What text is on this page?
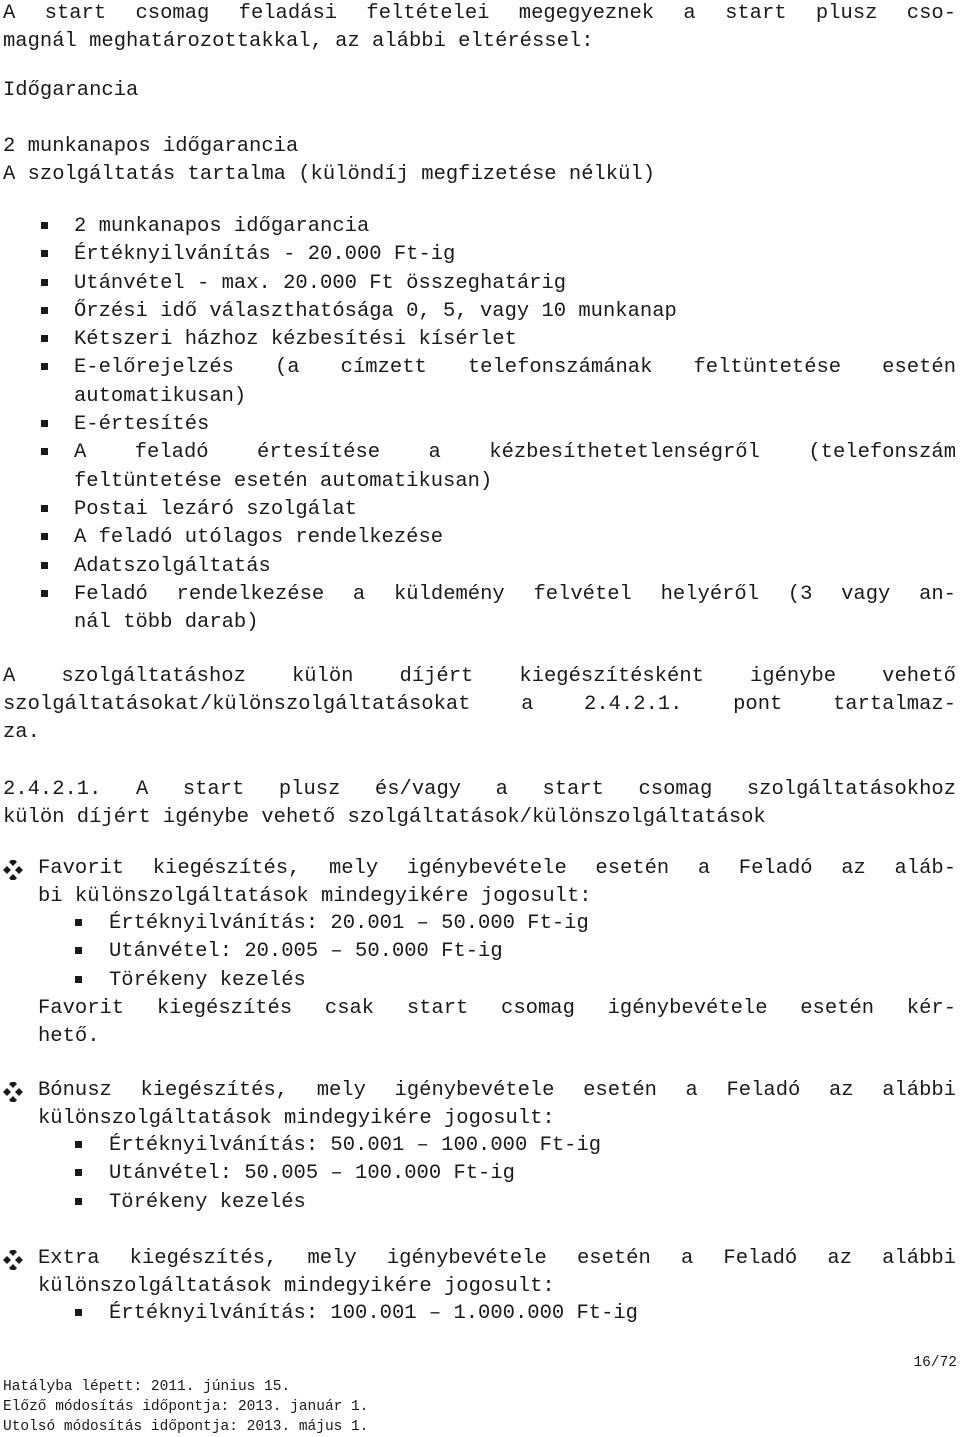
A start csomag feladási feltételei megegyeznek a start plusz cso-
magnál meghatározottakkal, az alábbi eltéréssel:
Időgarancia
2 munkanapos időgarancia
A szolgáltatás tartalma (különdíj megfizetése nélkül)
2 munkanapos időgarancia
Értéknyilvánítás - 20.000 Ft-ig
Utánvétel - max. 20.000 Ft összeghatárig
Őrzési idő választhatósága 0, 5, vagy 10 munkanap
Kétszeri házhoz kézbesítési kísérlet
E-előrejelzés (a címzett telefonszámának feltüntetése esetén
automatikusan)
E-értesítés
A feladó értesítése a kézbesíthetetlenségről (telefonszám
feltüntetése esetén automatikusan)
Postai lezáró szolgálat
A feladó utólagos rendelkezése
Adatszolgáltatás
Feladó rendelkezése a küldemény felvétel helyéről (3 vagy an-
nál több darab)
A szolgáltatáshoz külön díjért kiegészítésként igénybe vehető
szolgáltatásokat/különszolgáltatásokat a 2.4.2.1. pont tartalmaz-
za.
2.4.2.1. A start plusz és/vagy a start csomag szolgáltatásokhoz
külön díjért igénybe vehető szolgáltatások/különszolgáltatások
Favorit kiegészítés, mely igénybevétele esetén a Feladó az aláb-
bi különszolgáltatások mindegyikére jogosult:
Értéknyilvánítás: 20.001 – 50.000 Ft-ig
Utánvétel: 20.005 – 50.000 Ft-ig
Törékeny kezelés
Favorit kiegészítés csak start csomag igénybevétele esetén kér-
hető.
Bónusz kiegészítés, mely igénybevétele esetén a Feladó az alábbi
különszolgáltatások mindegyikére jogosult:
Értéknyilvánítás: 50.001 – 100.000 Ft-ig
Utánvétel: 50.005 – 100.000 Ft-ig
Törékeny kezelés
Extra kiegészítés, mely igénybevétele esetén a Feladó az alábbi
különszolgáltatások mindegyikére jogosult:
Értéknyilvánítás: 100.001 – 1.000.000 Ft-ig
Hatályba lépett: 2011. június 15.
Előző módosítás időpontja: 2013. január 1.
Utolsó módosítás időpontja: 2013. május 1.
16/72
